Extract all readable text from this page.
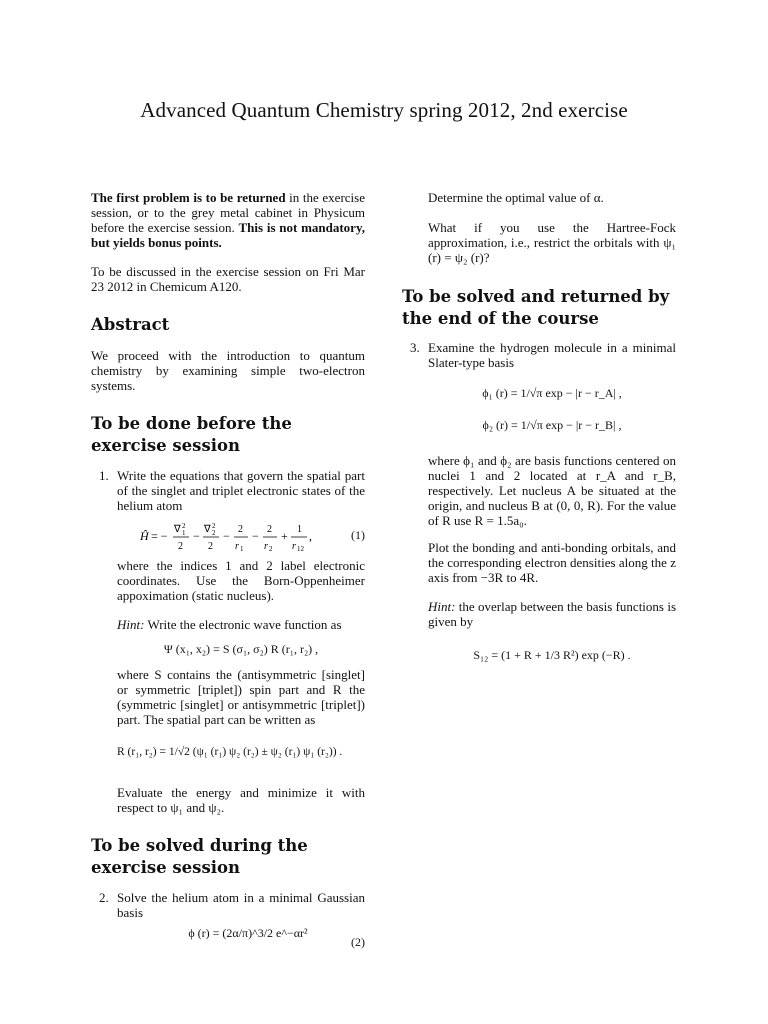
Advanced Quantum Chemistry spring 2012, 2nd exercise

The first problem is to be returned in the exercise session, or to the grey metal cabinet in Physicum before the exercise session. This is not mandatory, but yields bonus points.

To be discussed in the exercise session on Fri Mar 23 2012 in Chemicum A120.

Abstract

We proceed with the introduction to quantum chemistry by examining simple two-electron systems.

To be done before the exercise session
1. Write the equations that govern the spatial part of the singlet and triplet electronic states of the helium atom

Ĥ = − ∇ 2
1
2
− ∇ 2
2
2
− 2
r 1
− 2
r 2
+ 1
r 12
,	(1)

where the indices 1 and 2 label electronic coordinates. Use the Born-Oppenheimer appoximation (static nucleus).

Hint: Write the electronic wave function as

Ψ (x₁, x₂) = S (σ₁, σ₂) R (r₁, r₂) ,

where S contains the (antisymmetric [singlet] or symmetric [triplet]) spin part and R the (symmetric [singlet] or antisymmetric [triplet]) part. The spatial part can be written as

R (r₁, r₂) = 1/√2 (ψ₁ (r₁) ψ₂ (r₂) ± ψ₂ (r₁) ψ₁ (r₂)) .

Evaluate the energy and minimize it with respect to ψ₁ and ψ₂.

To be solved during the exercise session
2. Solve the helium atom in a minimal Gaussian basis

ϕ (r) = (2α/π)^3/2 e^−αr²
(2)

Determine the optimal value of α.

What if you use the Hartree-Fock approximation, i.e., restrict the orbitals with ψ₁ (r) = ψ₂ (r)?

To be solved and returned by the end of the course
3. Examine the hydrogen molecule in a minimal Slater-type basis

ϕ₁ (r) = 1/√π exp − |r − r_A| ,
ϕ₂ (r) = 1/√π exp − |r − r_B| ,

where ϕ₁ and ϕ₂ are basis functions centered on nuclei 1 and 2 located at r_A and r_B, respectively. Let nucleus A be situated at the origin, and nucleus B at (0, 0, R). For the value of R use R = 1.5a₀.

Plot the bonding and anti-bonding orbitals, and the corresponding electron densities along the z axis from −3R to 4R.

Hint: the overlap between the basis functions is given by

S₁₂ = (1 + R + 1/3 R²) exp (−R) .
